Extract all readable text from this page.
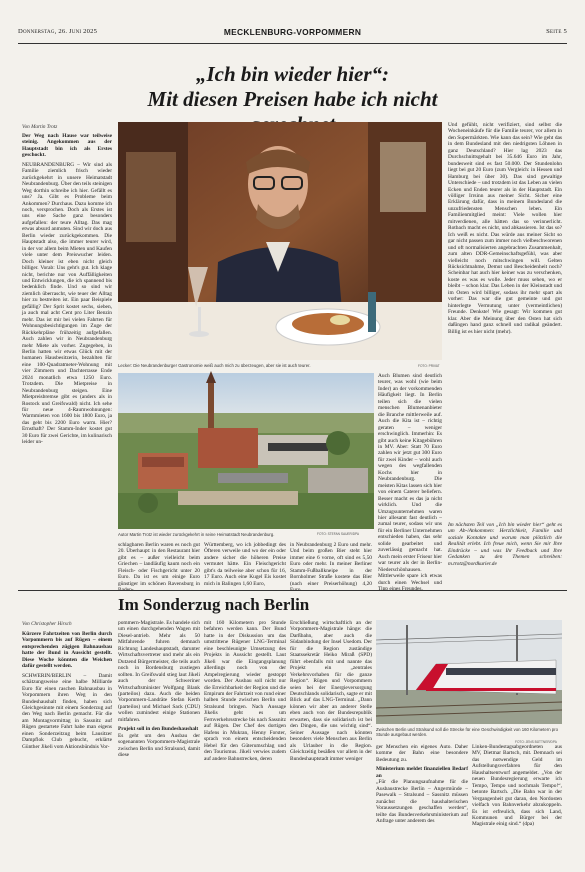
Donnerstag, 26. Juni 2025	MECKLENBURG-VORPOMMERN	Seite 5
„Ich bin wieder hier“:
Mit diesen Preisen habe ich nicht
Von Martin Trotz

Der Weg nach Hause war teilweise steinig. Angekommen aus der Hauptstadt bin ich als Erstes geschockt.

NEUBRANDENBURG – Wir sind als Familie ziemlich frisch wieder zurückgekehrt in unsere Heimatstadt Neubrandenburg. Über den teils steinigen Weg dorthin schreibe ich hier. Gefällt es uns? Ja. Gibt es Probleme beim Ankommen? Durchaus. Dazu komme ich noch, versprochen. Doch als Erstes ist uns eine Sache ganz besonders aufgefallen: der teure Alltag. Das mag etwas absurd anmuten. Sind wir doch aus Berlin wieder zurückgekommen. Die Hauptstadt also, die immer teurer wird, in der vor allem beim Mieten und Kaufen viele unter dem Preiswucher leiden. Doch kleiner ist eben nicht gleich billiger. Vorab: Uns geht's gut. Ich klage nicht, berichte nur von Auffälligkeiten und Entwicklungen, die ich spannend bis bedenklich finde. Und so sind wir ziemlich überrascht, wie teuer der Alltag hier zu bestreiten ist. Ein paar Beispiele gefällig? Der Sprit kostet sechs, sieben, ja auch mal acht Cent pro Liter Benzin mehr. Das ist mir bei vielen Fahrten für Wohnungsbesichtigungen im Zuge der Rückkehrpläne frühzeitig aufgefallen. Auch zahlen wir in Neubrandenburg mehr Miete als vorher. Zugegeben, in Berlin hatten wir etwas Glück mit der humanen Hausbesitzerin, bezahlten für eine 100-Quadratmeter-Wohnung mit vier Zimmern und Dachterrasse Ende 2024 monatlich etwa 1250 Euro. Trotzdem. Die Mietpreise in Neubrandenburg steigen. Eine Mietpreisbremse gibt es (anders als in Rostock und Greifswald) nicht. Ich sehe für neue 4-Raumwohnungen: Warmmieten von 1600 bis 1800 Euro, ja das geht bis 2200 Euro warm. Hier? Ernsthaft? Der Stamm-Inder kostet gut 30 Euro für zwei Gerichte, im kulinarisch leider un-

Lecker: Die Neubrandenburger Gastronomie weiß auch mich zu überzeugen, aber sie ist auch teurer.	FOTO: PRIVAT
Autor Martin Trotz ist wieder zurückgekehrt in seine Heimatstadt Neubrandenburg.	FOTO: STEFAN SAUER/DPA
schlagbaren Berlin waren es noch gut 20. Überhaupt: in den Restaurant hier gibt es – außer vielleicht beim Griechen – landläufig kaum noch ein Fleisch- oder Fischgericht unter 20 Euro. Da ist es um einige Euro günstiger im schönen Ravensburg in Baden-
Württemberg, wo ich jobbedingt des Öfteren verweile und wo der ein oder andere sicher die höheren Preise vermutet hätte. Ein Fleischgericht gibt's da teilweise aber schon für 16, 17 Euro. Auch eine Kugel Eis kostet mich in Balingen 1,60 Euro,
in Neubrandenburg 2 Euro und mehr. Und beim großen Bier steht hier immer eine 6 vorne, oft sind es 5,50 Euro oder mehr. In meiner Berliner Stamm-Fußballkneipe in der Bornholmer Straße kostete das Bier (nach einer Preiserhöhung) 4,20 Euro.
Auch Blumen sind deutlich teurer, was wohl (wie beim Inder) an der vorkommenden Häufigkeit liegt. In Berlin teilen sich die vielen menschen Blumenanbieter die Branche mittlerweile auf. Auch die Kita ist – richtig geraten – weniger erschwinglich. Immerhin: Es gibt auch keine Kitagebühren in MV. Aber: Statt 70 Euro zahlen wir jetzt gut 300 Euro für zwei Kinder – wohl auch wegen des wegfallenden Kochs hier in Neubrandenburg. Die meisten Kitas lassen sich hier von einem Caterer beliefern. Besser macht es das ja nicht wirklich. Und die Umzugsunternehmen waren hier allesamt fast deutlich – zumal teurer, sodass wir uns für ein Berliner Unternehmen entschieden haben, das sehr solide gearbeitet und zuverlässig gemacht hat. Auch mein erster Friseur hier war teurer als der in Berlin-Niederschönhausen. Mittlerweile spare ich etwas durch einen Wechsel und Tipp eines Freundes.
Und gefühlt, nicht verifiziert, sind selbst die Wocheneinkäufe für die Familie teurer, vor allem in den Supermärkten. Wie kann das sein? Wie geht das in dem Bundesland mit den niedrigsten Löhnen in ganz Deutschland? Hier lag 2023 das Durchschnittsgehalt bei 35.646 Euro im Jahr, bundesweit sind es fast 50.000. Der Stundenlohn liegt bei gut 20 Euro (zum Vergleich: in Hessen und Hamburg bei über 30). Das sind gewaltige Unterschiede – und trotzdem ist das Leben an vielen Ecken und Enden teurer als in der Hauptstadt. Ein völliger Irrsinn aus meiner Sicht. Sicher eine Erklärung dafür, dass in meinem Bundesland die unzufriedensten Menschen leben. Ein Familienmitglied meint: Viele wollen hier mitverdienen, alle hätten das so verinnerlicht. Rotbach macht es nicht, und abkassieren. Ist das so? Ich weiß es nicht. Das würde aus meiner Sicht so gar nicht passen zum immer noch vielbeschworenen und oft normalisierten angebrachten Zusammenhalt, zum alten DDR-Gemeinschaftsgefühl, was aber vielleicht noch mitschwingen will. Gelten Rücksichtnahme, Demut und Bescheidenheit noch? Scheinbar hat auch hier keiner was zu verschenken, koste es was es wolle. Jeder muss sehen, wo er bleibt – schon klar. Das Leben in der Kleinstadt und im Osten wird billiger, sodass ihr mehr spart als vorher: Das war die gut gemeinte und gut hinterlegte Vermutung unter (vermeintlichen) Freunde. Denkste! Wie gesagt: Wir kommen gut klar. Aber die Meinung über den Osten hat sich daßingen hand ganz schnell und radikal geändert. Billig ist es hier nicht (mehr).
Im nächsten Teil von „Ich bin wieder hier“ geht es um Ab-/Ankommen: Herzlichkeit, Familie und soziale Kontakte und warum man plötzlich die Realität erlebt. Ich freue mich, wenn Sie mir Ihre Eindrücke – und was Ihr Feedback und Ihre Gedanken zu den Themen schreiben: m.trotz@nordkurier.de
Im Sonderzug nach Berlin
Von Christopher Hirsch

Kürzere Fahrtzeiten von Berlin durch Vorpommern bis auf Rügen – einem entsprechenden zügigen Bahnausbau hatte der Bund in Aussicht gestellt. Diese Woche könnten die Weichen dafür gestellt werden.

SCHWERIN/BERLIN – Damit schätzungsweise eine halbe Milliarde Euro für einen raschen Bahnausbau in Vorpommern ihren Weg in den Bundeshaushalt finden, haben sich Gleichgesinnte mit einem Sonderzug auf den Weg nach Berlin gemacht. Für die am Montagvormittag in Sassnitz auf Rügen gestartete Fahrt habe man eigens einen Sonderzeitzug beim Lausitzer Dampflok Club gebucht, erklärte Günther Jikeli vom Aktionsbündnis Vor-

pommern-Magistrale. Es handele sich um einen durchgehenden Wagen mit Diesel-antrieb. Mehr als 50 Mitfahrende fuhren demnach Richtung Landeshauptstadt, darunter Wirtschaftsvertreter und mehr als ein Dutzend Bürgermeister, die teils auch noch in Bordensburg zustiegen sollten. In Greifswald stieg laut Jikeli auch der Schweriner Wirtschaftsminister Wolfgang Blank (parteilos) dazu. Auch die beiden Vorpommern-Landräte Stefan Kerth (parteilos) und Michael Sack (CDU) wollen zumindest einige Stationen mitfahren.

Projekt soll in den Bundeshaushalt

Es geht um den Ausbau der sogenannten Vorpommern-Magistrale zwischen Berlin und Stralsund, damit diese

mit 160 Kilometern pro Stunde befahren werden kann. Der Bund hatte in der Diskussion um das umstrittene Rügener LNG-Terminal eine beschleunigte Umsetzung des Projekts in Aussicht gestellt. Laut Jikeli war die Eingangsplanung allerdings noch von der Ampelregierung wieder gestoppt worden. Der Ausbau soll nicht nur die Erreichbarkeit der Region und die Empirum der Fahrtzeit von rund einer halben Stunde zwischen Berlin und Stralsund bringen. Nach Aussage Jikelis geht es um Fernverkehrsstrecke bis nach Sassnitz auf Rügen. Der Chef des dortigen Hafens in Mukran, Henny Forster, sprach von einem entscheidenden Hebel für den Güterumschlag und den Tourismus. Jikeli verwies zudem auf andere Bahnstrecken, deren
Erschließung wirtschaftlich an der Vorpommern-Magistrale hänge: die Darßbahn, aber auch die Südanbindung der Insel Usedom. Der für die Region zuständige Staatssekretär Heiko Miraß (SPD) führt ebenfalls mit und nannte das Projekt ein „zentrales Verkehrsvorhaben für die ganze Region“. Rügen und Vorpommern seien bei der Energieversorgung Deutschlands solidarisch, sagte er mit Blick auf das LNG-Terminal. „Dann können wir aber an anderer Stelle eben auch von der Bundesrepublik erwarten, dass sie solidarisch ist bei den Dingen, die uns wichtig sind“. Seiner Aussage nach könnten besonders viele Menschen aus Berlin als Urlauber in die Region. Gleichzeitig besäßen vor allem in der Bundeshauptstadt immer weniger
Zwischen Berlin und Stralsund soll die Strecke für eine Geschwindigkeit von 160 Kilometern pro Stunde ausgebaut werden.
FOTO: JENS BÜTTNER/DPA

ger Menschen ein eigenes Auto. Daher komme der Bahn eine besondere Bedeutung zu.

Ministerium meldet finanziellen Bedarf an

„Für die Planungsaufnahme für die Ausbaustrecke Berlin – Angermünde – Pasewalk – Stralsund – Sassnitz müssen zunächst die haushalterischen Voraussetzungen geschaffen werden“, teilte das Bundesverkehrsministerium auf Anfrage unter anderem des

Linken-Bundestagsabgeordneten aus MV, Dietmar Bartsch, mit. Demnach sei das notwendige Geld im Aufstellungsverfahren für den Haushaltsentwurf angemeldet. „Von der neuen Bundesregierung erwarte ich Tempo, Tempo und nochmals Tempo!“, betonte Bartsch. „Die Bahn war in der Vergangenheit gut daran, den Nordosten vielfach von Bahnverkehr abzukoppeln. Es ist erfreulich, dass sich Land, Kommunen und Bürger bei der Magistrale einig sind.“ (dpa)
